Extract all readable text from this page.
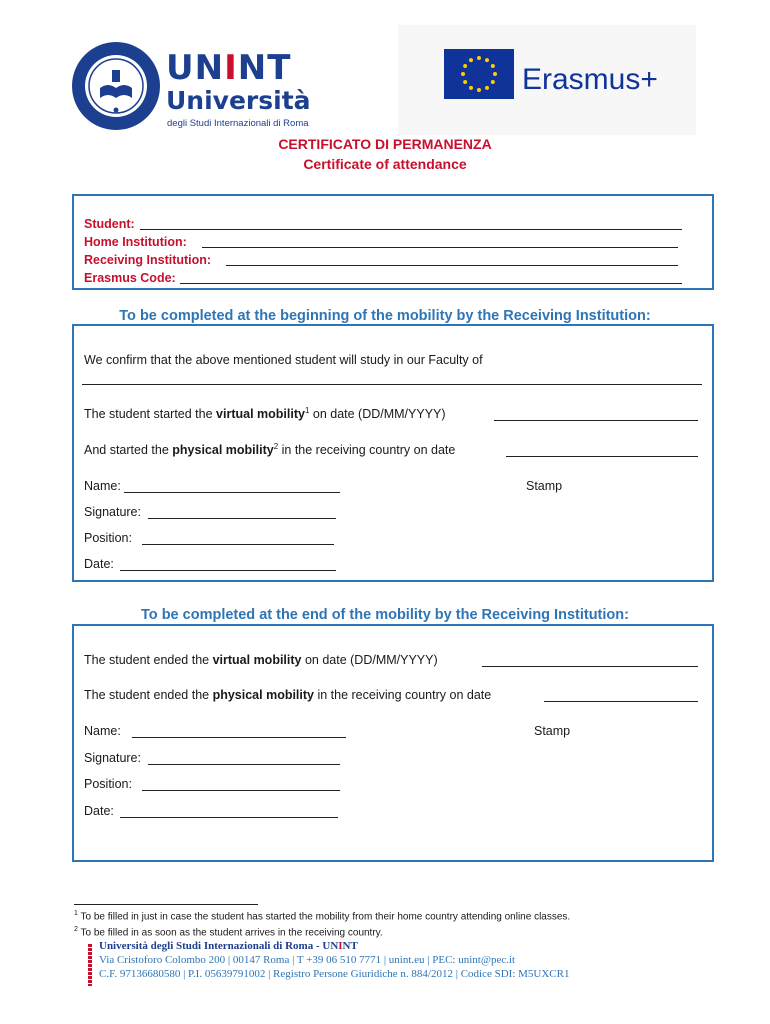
UNINT
Università
degli Studi Internazionali di Roma
Erasmus+
CERTIFICATO DI PERMANENZA
Certificate of attendance
Student:
Home Institution:
Receiving Institution:
Erasmus Code:
To be completed at the beginning of the mobility by the Receiving Institution:
We confirm that the above mentioned student will study in our Faculty of
The student started the virtual mobility$^1$ on date (DD/MM/YYYY)
And started the physical mobility$^2$ in the receiving country on date
Name:	Stamp
Signature:
Position:
Date:
To be completed at the end of the mobility by the Receiving Institution:
The student ended the virtual mobility on date (DD/MM/YYYY)
The student ended the physical mobility in the receiving country on date
Name:	Stamp
Signature:
Position:
Date:
$^1$ To be filled in just in case the student has started the mobility from their home country attending online classes.
$^2$ To be filled in as soon as the student arrives in the receiving country.
Università degli Studi Internazionali di Roma - UNINT
Via Cristoforo Colombo 200 | 00147 Roma | T +39 06 510 7771 | unint.eu | PEC: unint@pec.it
C.F. 97136680580 | P.I. 05639791002 | Registro Persone Giuridiche n. 884/2012 | Codice SDI: M5UXCR1
